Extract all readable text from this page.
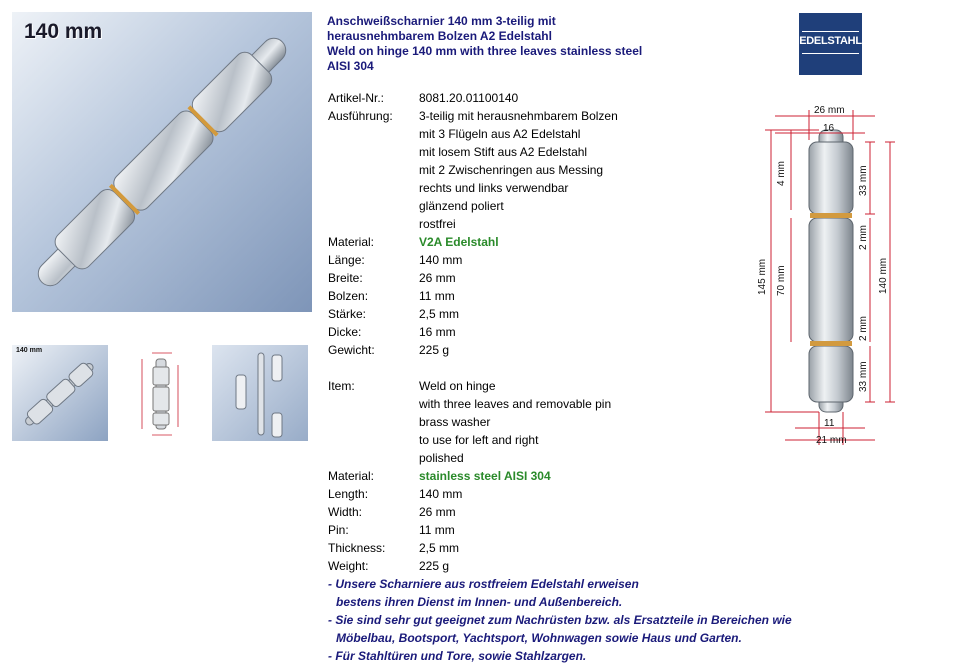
140 mm
140 mm
Anschweißscharnier 140 mm 3-teilig mit
herausnehmbarem Bolzen A2 Edelstahl
Weld on hinge 140 mm with three leaves stainless steel
AISI 304
EDELSTAHL
Artikel-Nr.:	8081.20.01100140
Ausführung: 3-teilig mit herausnehmbarem Bolzen
mit 3 Flügeln aus A2 Edelstahl
mit losem Stift aus A2 Edelstahl
mit 2 Zwischenringen aus Messing
rechts und links verwendbar
glänzend poliert
rostfrei
Material:	V2A Edelstahl
Länge:	140 mm
Breite:	26 mm
Bolzen:	11 mm
Stärke:	2,5 mm
Dicke:	16 mm
Gewicht:	225 g
Item:	Weld on hinge
with three leaves and removable pin
brass washer
to use for left and right
polished
Material:	stainless steel AISI 304
Length:	140 mm
Width:	26 mm
Pin:	11 mm
Thickness:	2,5 mm
Weight:	225 g
- Unsere Scharniere aus rostfreiem Edelstahl erweisen
bestens ihren Dienst im Innen- und Außenbereich.
- Sie sind sehr gut geeignet zum Nachrüsten bzw. als Ersatzteile in Bereichen wie
Möbelbau, Bootsport, Yachtsport, Wohnwagen sowie Haus und Garten.
- Für Stahltüren und Tore, sowie Stahlzargen.
26 mm
16
4 mm
145 mm 70 mm
33 mm
2 mm
2 mm
33 mm
140 mm
11
21 mm
